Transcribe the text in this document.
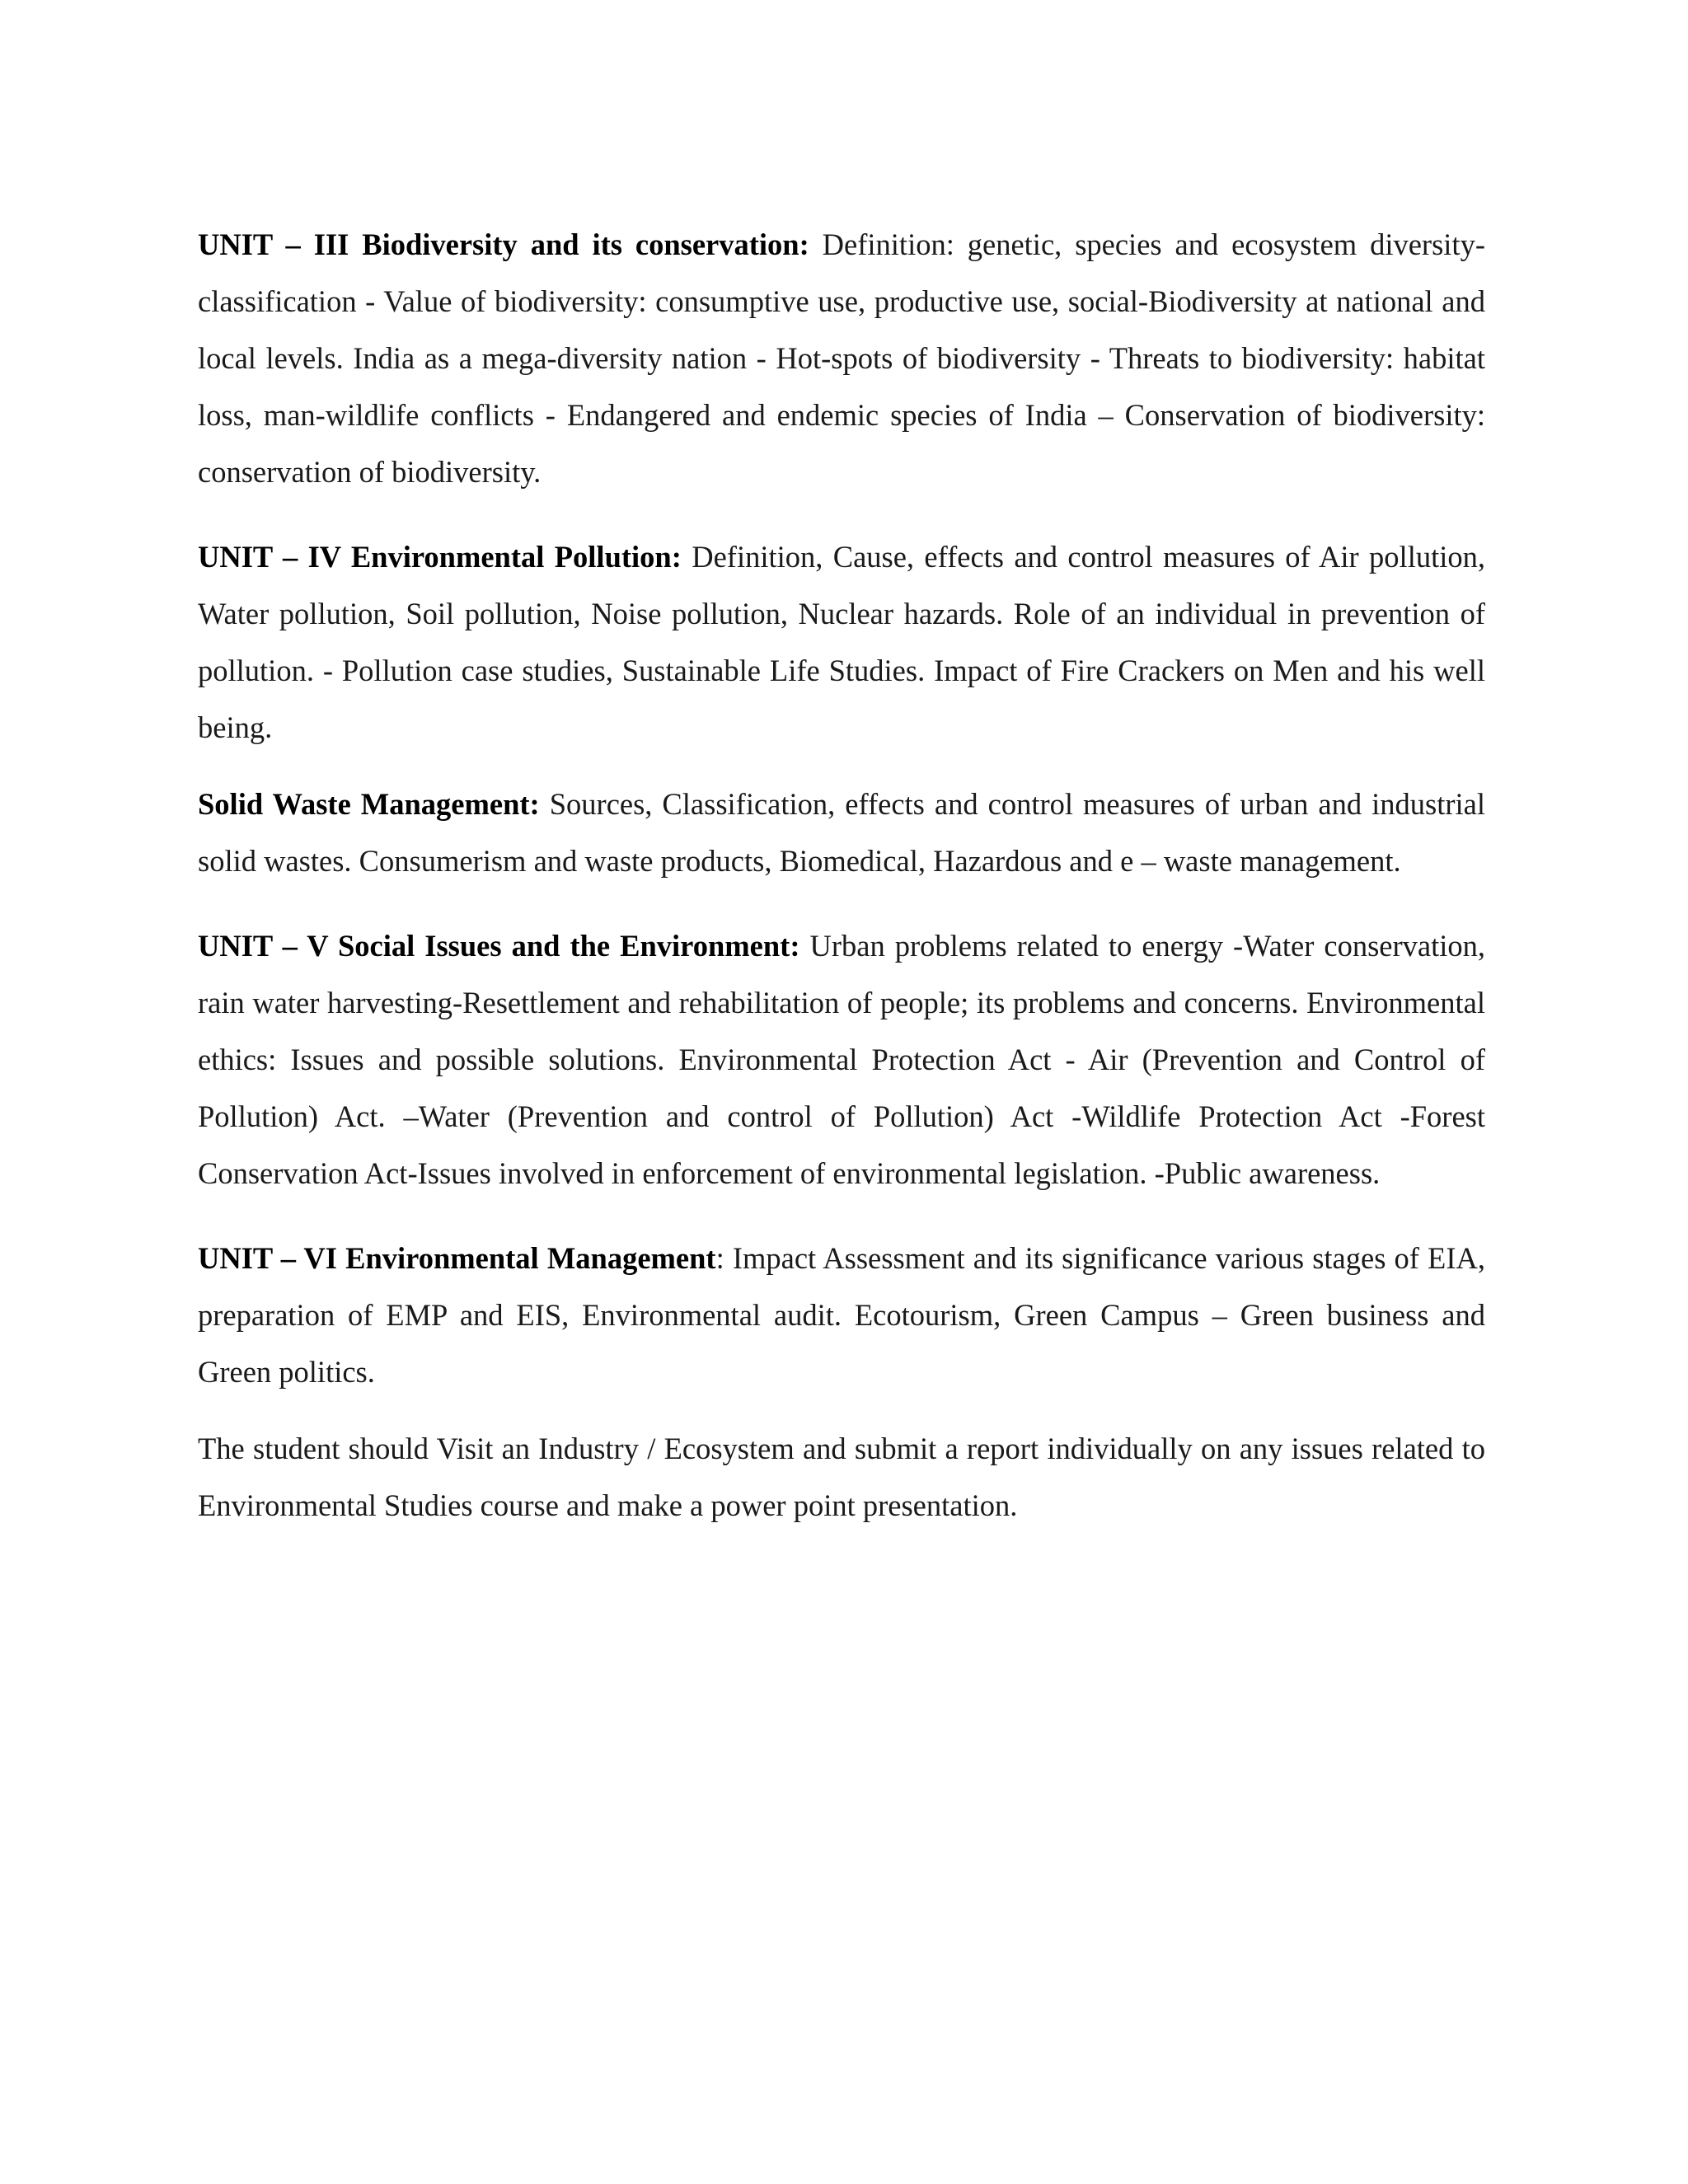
UNIT – III Biodiversity and its conservation: Definition: genetic, species and ecosystem diversity- classification - Value of biodiversity: consumptive use, productive use, social-Biodiversity at national and local levels. India as a mega-diversity nation - Hot-spots of biodiversity - Threats to biodiversity: habitat loss, man-wildlife conflicts - Endangered and endemic species of India – Conservation of biodiversity: conservation of biodiversity.

UNIT – IV Environmental Pollution: Definition, Cause, effects and control measures of Air pollution, Water pollution, Soil pollution, Noise pollution, Nuclear hazards. Role of an individual in prevention of pollution. - Pollution case studies, Sustainable Life Studies. Impact of Fire Crackers on Men and his well being.

Solid Waste Management: Sources, Classification, effects and control measures of urban and industrial solid wastes. Consumerism and waste products, Biomedical, Hazardous and e – waste management.

UNIT – V Social Issues and the Environment: Urban problems related to energy -Water conservation, rain water harvesting-Resettlement and rehabilitation of people; its problems and concerns. Environmental ethics: Issues and possible solutions. Environmental Protection Act - Air (Prevention and Control of Pollution) Act. –Water (Prevention and control of Pollution) Act -Wildlife Protection Act -Forest Conservation Act-Issues involved in enforcement of environmental legislation. -Public awareness.

UNIT – VI Environmental Management: Impact Assessment and its significance various stages of EIA, preparation of EMP and EIS, Environmental audit. Ecotourism, Green Campus – Green business and Green politics.

The student should Visit an Industry / Ecosystem and submit a report individually on any issues related to Environmental Studies course and make a power point presentation.
